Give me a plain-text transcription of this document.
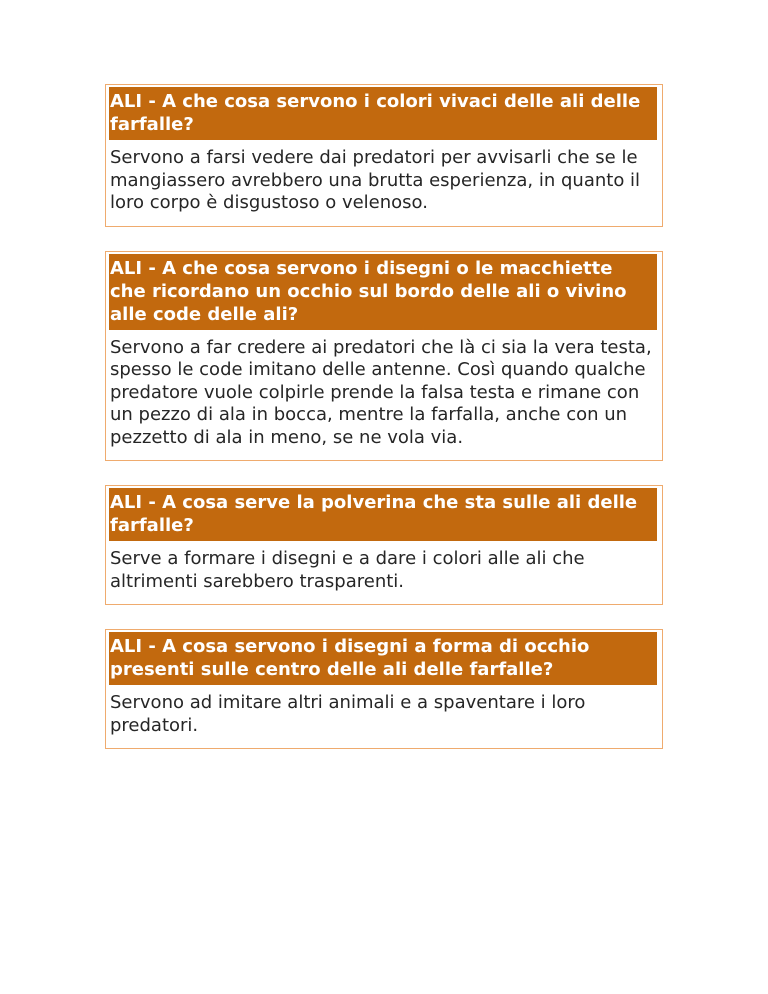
ALI - A che cosa servono i colori vivaci delle ali delle farfalle?

Servono a farsi vedere dai predatori per avvisarli che se le mangiassero avrebbero una brutta esperienza, in quanto il loro corpo è disgustoso o velenoso.

ALI - A che cosa servono i disegni o le macchiette che ricordano un occhio sul bordo delle ali o vivino alle code delle ali?

Servono a far credere ai predatori che là ci sia la vera testa, spesso le code imitano delle antenne. Così quando qualche predatore vuole colpirle prende la falsa testa e rimane con un pezzo di ala in bocca, mentre la farfalla, anche con un pezzetto di ala in meno, se ne vola via.

ALI - A cosa serve la polverina che sta sulle ali delle farfalle?

Serve a formare i disegni e a dare i colori alle ali che altrimenti sarebbero trasparenti.

ALI - A cosa servono i disegni a forma di occhio presenti sulle centro delle ali delle farfalle?

Servono ad imitare altri animali e a spaventare i loro predatori.
